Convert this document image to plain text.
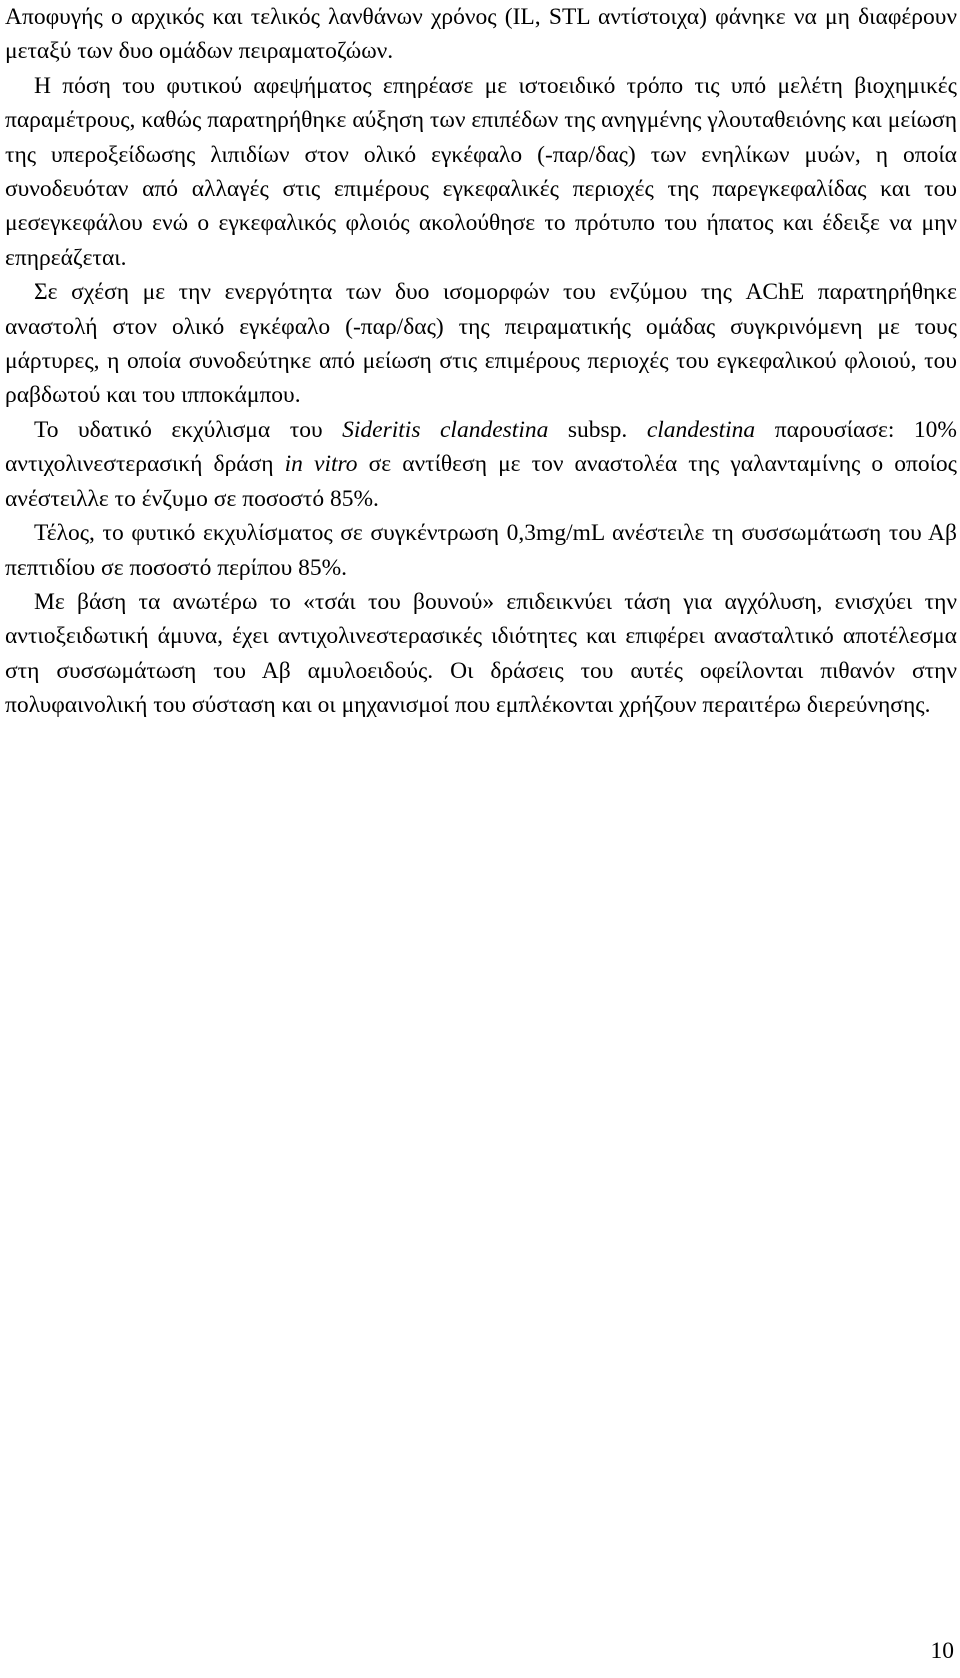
Αποφυγής ο αρχικός και τελικός λανθάνων χρόνος (IL, STL αντίστοιχα) φάνηκε να μη διαφέρουν μεταξύ των δυο ομάδων πειραματοζώων.

Η πόση του φυτικού αφεψήματος επηρέασε με ιστοειδικό τρόπο τις υπό μελέτη βιοχημικές παραμέτρους, καθώς παρατηρήθηκε αύξηση των επιπέδων της ανηγμένης γλουταθειόνης και μείωση της υπεροξείδωσης λιπιδίων στον ολικό εγκέφαλο (-παρ/δας) των ενηλίκων μυών, η οποία συνοδευόταν από αλλαγές στις επιμέρους εγκεφαλικές περιοχές της παρεγκεφαλίδας και του μεσεγκεφάλου ενώ ο εγκεφαλικός φλοιός ακολούθησε το πρότυπο του ήπατος και έδειξε να μην επηρεάζεται.

Σε σχέση με την ενεργότητα των δυο ισομορφών του ενζύμου της AChE παρατηρήθηκε αναστολή στον ολικό εγκέφαλο (-παρ/δας) της πειραματικής ομάδας συγκρινόμενη με τους μάρτυρες, η οποία συνοδεύτηκε από μείωση στις επιμέρους περιοχές του εγκεφαλικού φλοιού, του ραβδωτού και του ιπποκάμπου.

Το υδατικό εκχύλισμα του Sideritis clandestina subsp. clandestina παρουσίασε: 10% αντιχολινεστερασική δράση in vitro σε αντίθεση με τον αναστολέα της γαλανταμίνης ο οποίος ανέστειλλε το ένζυμο σε ποσοστό 85%.

Τέλος, το φυτικό εκχυλίσματος σε συγκέντρωση 0,3mg/mL ανέστειλε τη συσσωμάτωση του Αβ πεπτιδίου σε ποσοστό περίπου 85%.

Με βάση τα ανωτέρω το «τσάι του βουνού» επιδεικνύει τάση για αγχόλυση, ενισχύει την αντιοξειδωτική άμυνα, έχει αντιχολινεστερασικές ιδιότητες και επιφέρει ανασταλτικό αποτέλεσμα στη συσσωμάτωση του Αβ αμυλοειδούς. Οι δράσεις του αυτές οφείλονται πιθανόν στην πολυφαινολική του σύσταση και οι μηχανισμοί που εμπλέκονται χρήζουν περαιτέρω διερεύνησης.

10
